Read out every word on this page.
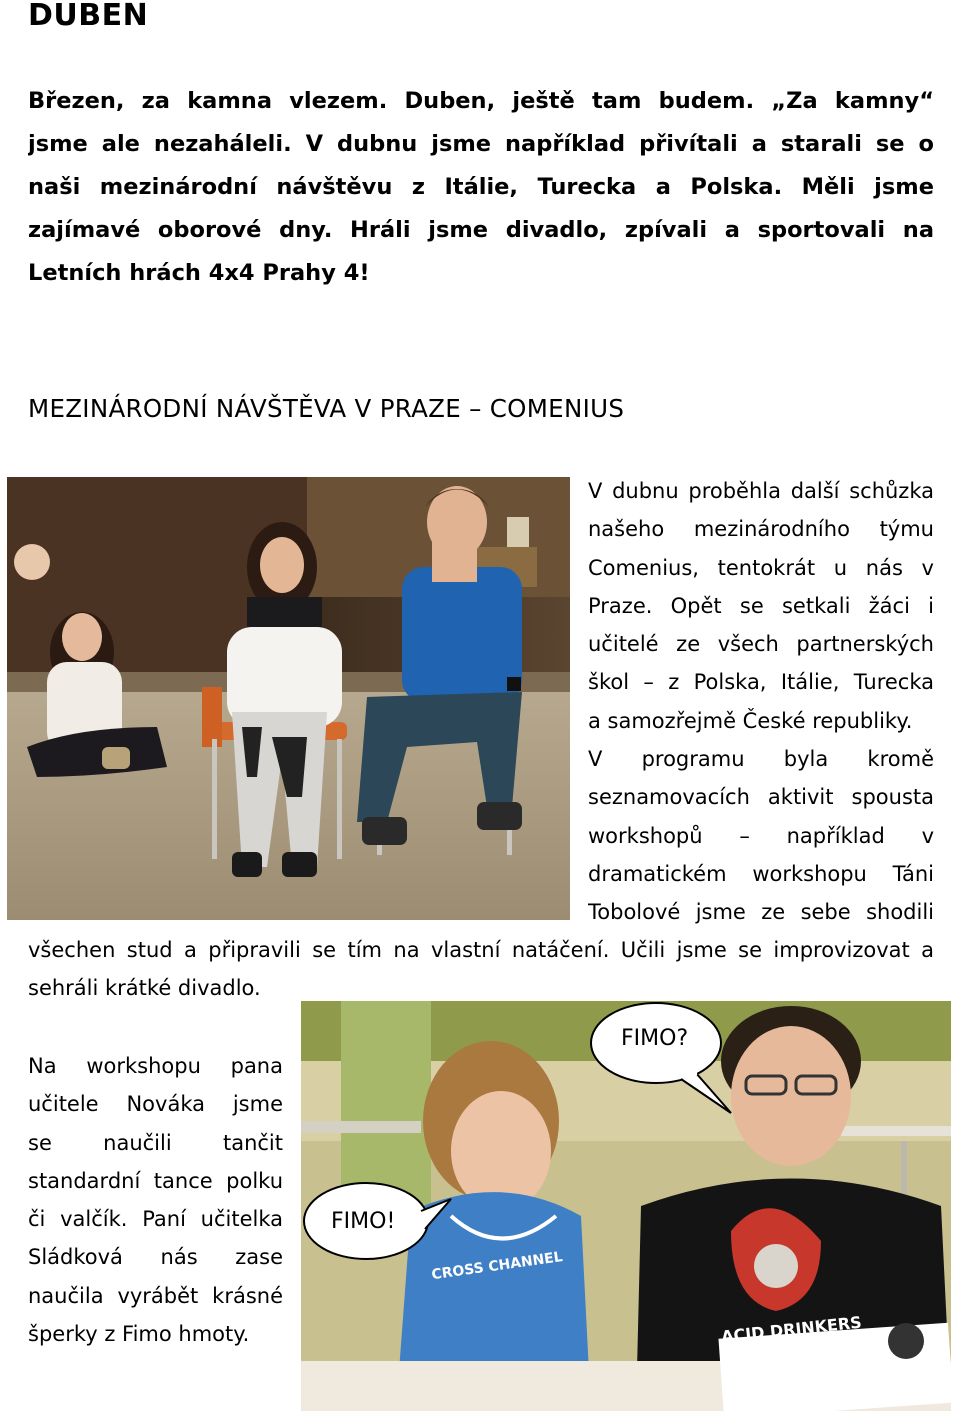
DUBEN
Březen, za kamna vlezem. Duben, ještě tam budem. „Za kamny“
jsme ale nezaháleli. V dubnu jsme například přivítali a starali se o
naši mezinárodní návštěvu z Itálie, Turecka a Polska. Měli jsme
zajímavé oborové dny. Hráli jsme divadlo, zpívali a sportovali na
Letních hrách 4x4 Prahy 4!
MEZINÁRODNÍ NÁVŠTĚVA V PRAZE – COMENIUS
V dubnu proběhla další schůzka
našeho mezinárodního týmu
Comenius, tentokrát u nás v
Praze. Opět se setkali žáci i
učitelé ze všech partnerských
škol – z Polska, Itálie, Turecka
a samozřejmě České republiky.
V programu byla kromě
seznamovacích aktivit spousta
workshopů – například v
dramatickém workshopu Táni
Tobolové jsme ze sebe shodili
všechen stud a připravili se tím na vlastní natáčení. Učili jsme se improvizovat a
sehráli krátké divadlo.
Na workshopu pana
učitele Nováka jsme
se naučili tančit
standardní tance polku
či valčík. Paní učitelka
Sládková nás zase
naučila vyrábět krásné
šperky z Fimo hmoty.
FIMO?
FIMO!
CROSS CHANNEL
ACID DRINKERS
